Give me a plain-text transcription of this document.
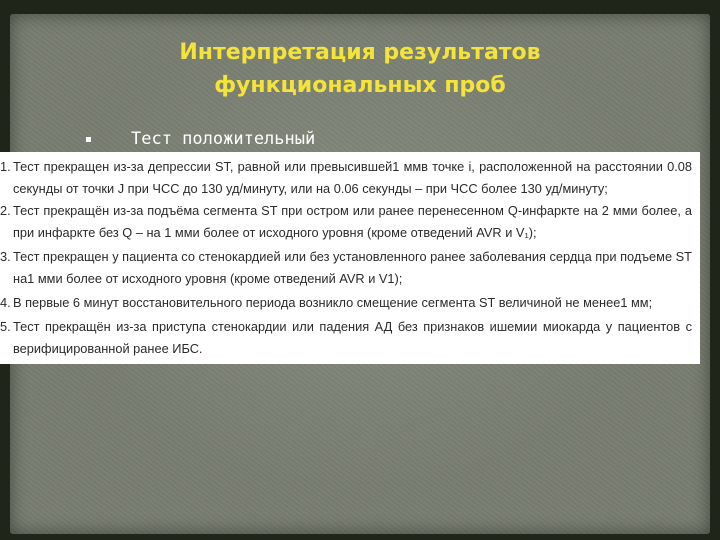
Интерпретация результатов
функциональных проб
Тест положительный
1. Тест прекращен из-за депрессии ST, равной или превысившей1 ммв точке i, расположенной на расстоянии 0.08
секунды от точки J при ЧСС до 130 уд/минуту, или на 0.06 секунды – при ЧСС более 130 уд/минуту;
2. Тест прекращён из-за подъёма сегмента ST при остром или ранее перенесенном Q-инфаркте на 2 мми более, а
при инфаркте без Q – на 1 мми более от исходного уровня (кроме отведений AVR и V₁);
3. Тест прекращен у пациента со стенокардией или без установленного ранее заболевания сердца при подъеме ST
на1 мми более от исходного уровня (кроме отведений AVR и V1);
4. В первые 6 минут восстановительного периода возникло смещение сегмента ST величиной не менее1 мм;
5. Тест прекращён из-за приступа стенокардии или падения АД без признаков ишемии миокарда у пациентов с
верифицированной ранее ИБС.
